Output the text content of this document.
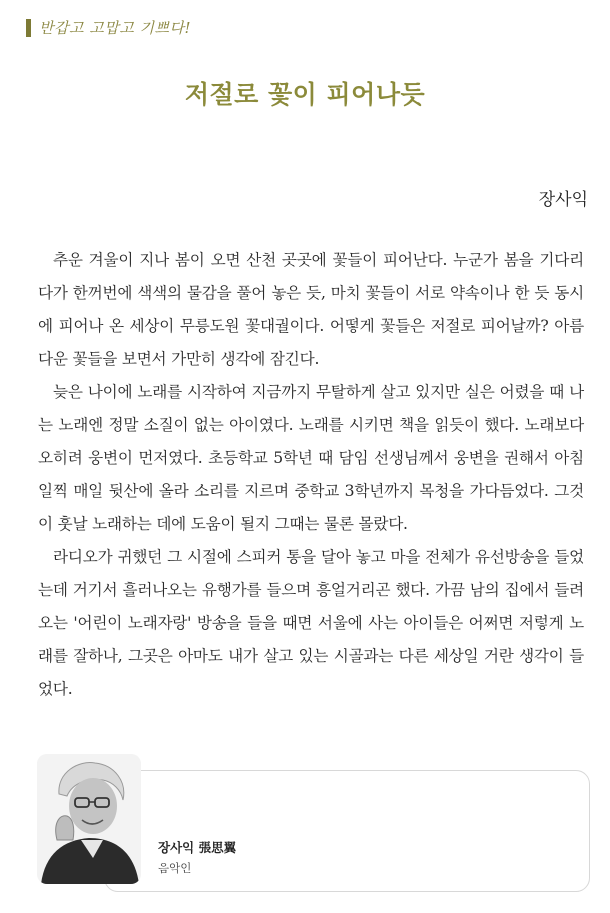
반갑고 고맙고 기쁘다!
저절로 꽃이 피어나듯
장사익

추운 겨울이 지나 봄이 오면 산천 곳곳에 꽃들이 피어난다. 누군가 봄을 기다리다가 한꺼번에 색색의 물감을 풀어 놓은 듯, 마치 꽃들이 서로 약속이나 한 듯 동시에 피어나 온 세상이 무릉도원 꽃대궐이다. 어떻게 꽃들은 저절로 피어날까? 아름다운 꽃들을 보면서 가만히 생각에 잠긴다.

늦은 나이에 노래를 시작하여 지금까지 무탈하게 살고 있지만 실은 어렸을 때 나는 노래엔 정말 소질이 없는 아이였다. 노래를 시키면 책을 읽듯이 했다. 노래보다 오히려 웅변이 먼저였다. 초등학교 5학년 때 담임 선생님께서 웅변을 권해서 아침 일찍 매일 뒷산에 올라 소리를 지르며 중학교 3학년까지 목청을 가다듬었다. 그것이 훗날 노래하는 데에 도움이 될지 그때는 물론 몰랐다.

라디오가 귀했던 그 시절에 스피커 통을 달아 놓고 마을 전체가 유선방송을 들었는데 거기서 흘러나오는 유행가를 들으며 흥얼거리곤 했다. 가끔 남의 집에서 들려오는 '어린이 노래자랑' 방송을 들을 때면 서울에 사는 아이들은 어쩌면 저렇게 노래를 잘하나, 그곳은 아마도 내가 살고 있는 시골과는 다른 세상일 거란 생각이 들었다.

장사익 張思翼
음악인
